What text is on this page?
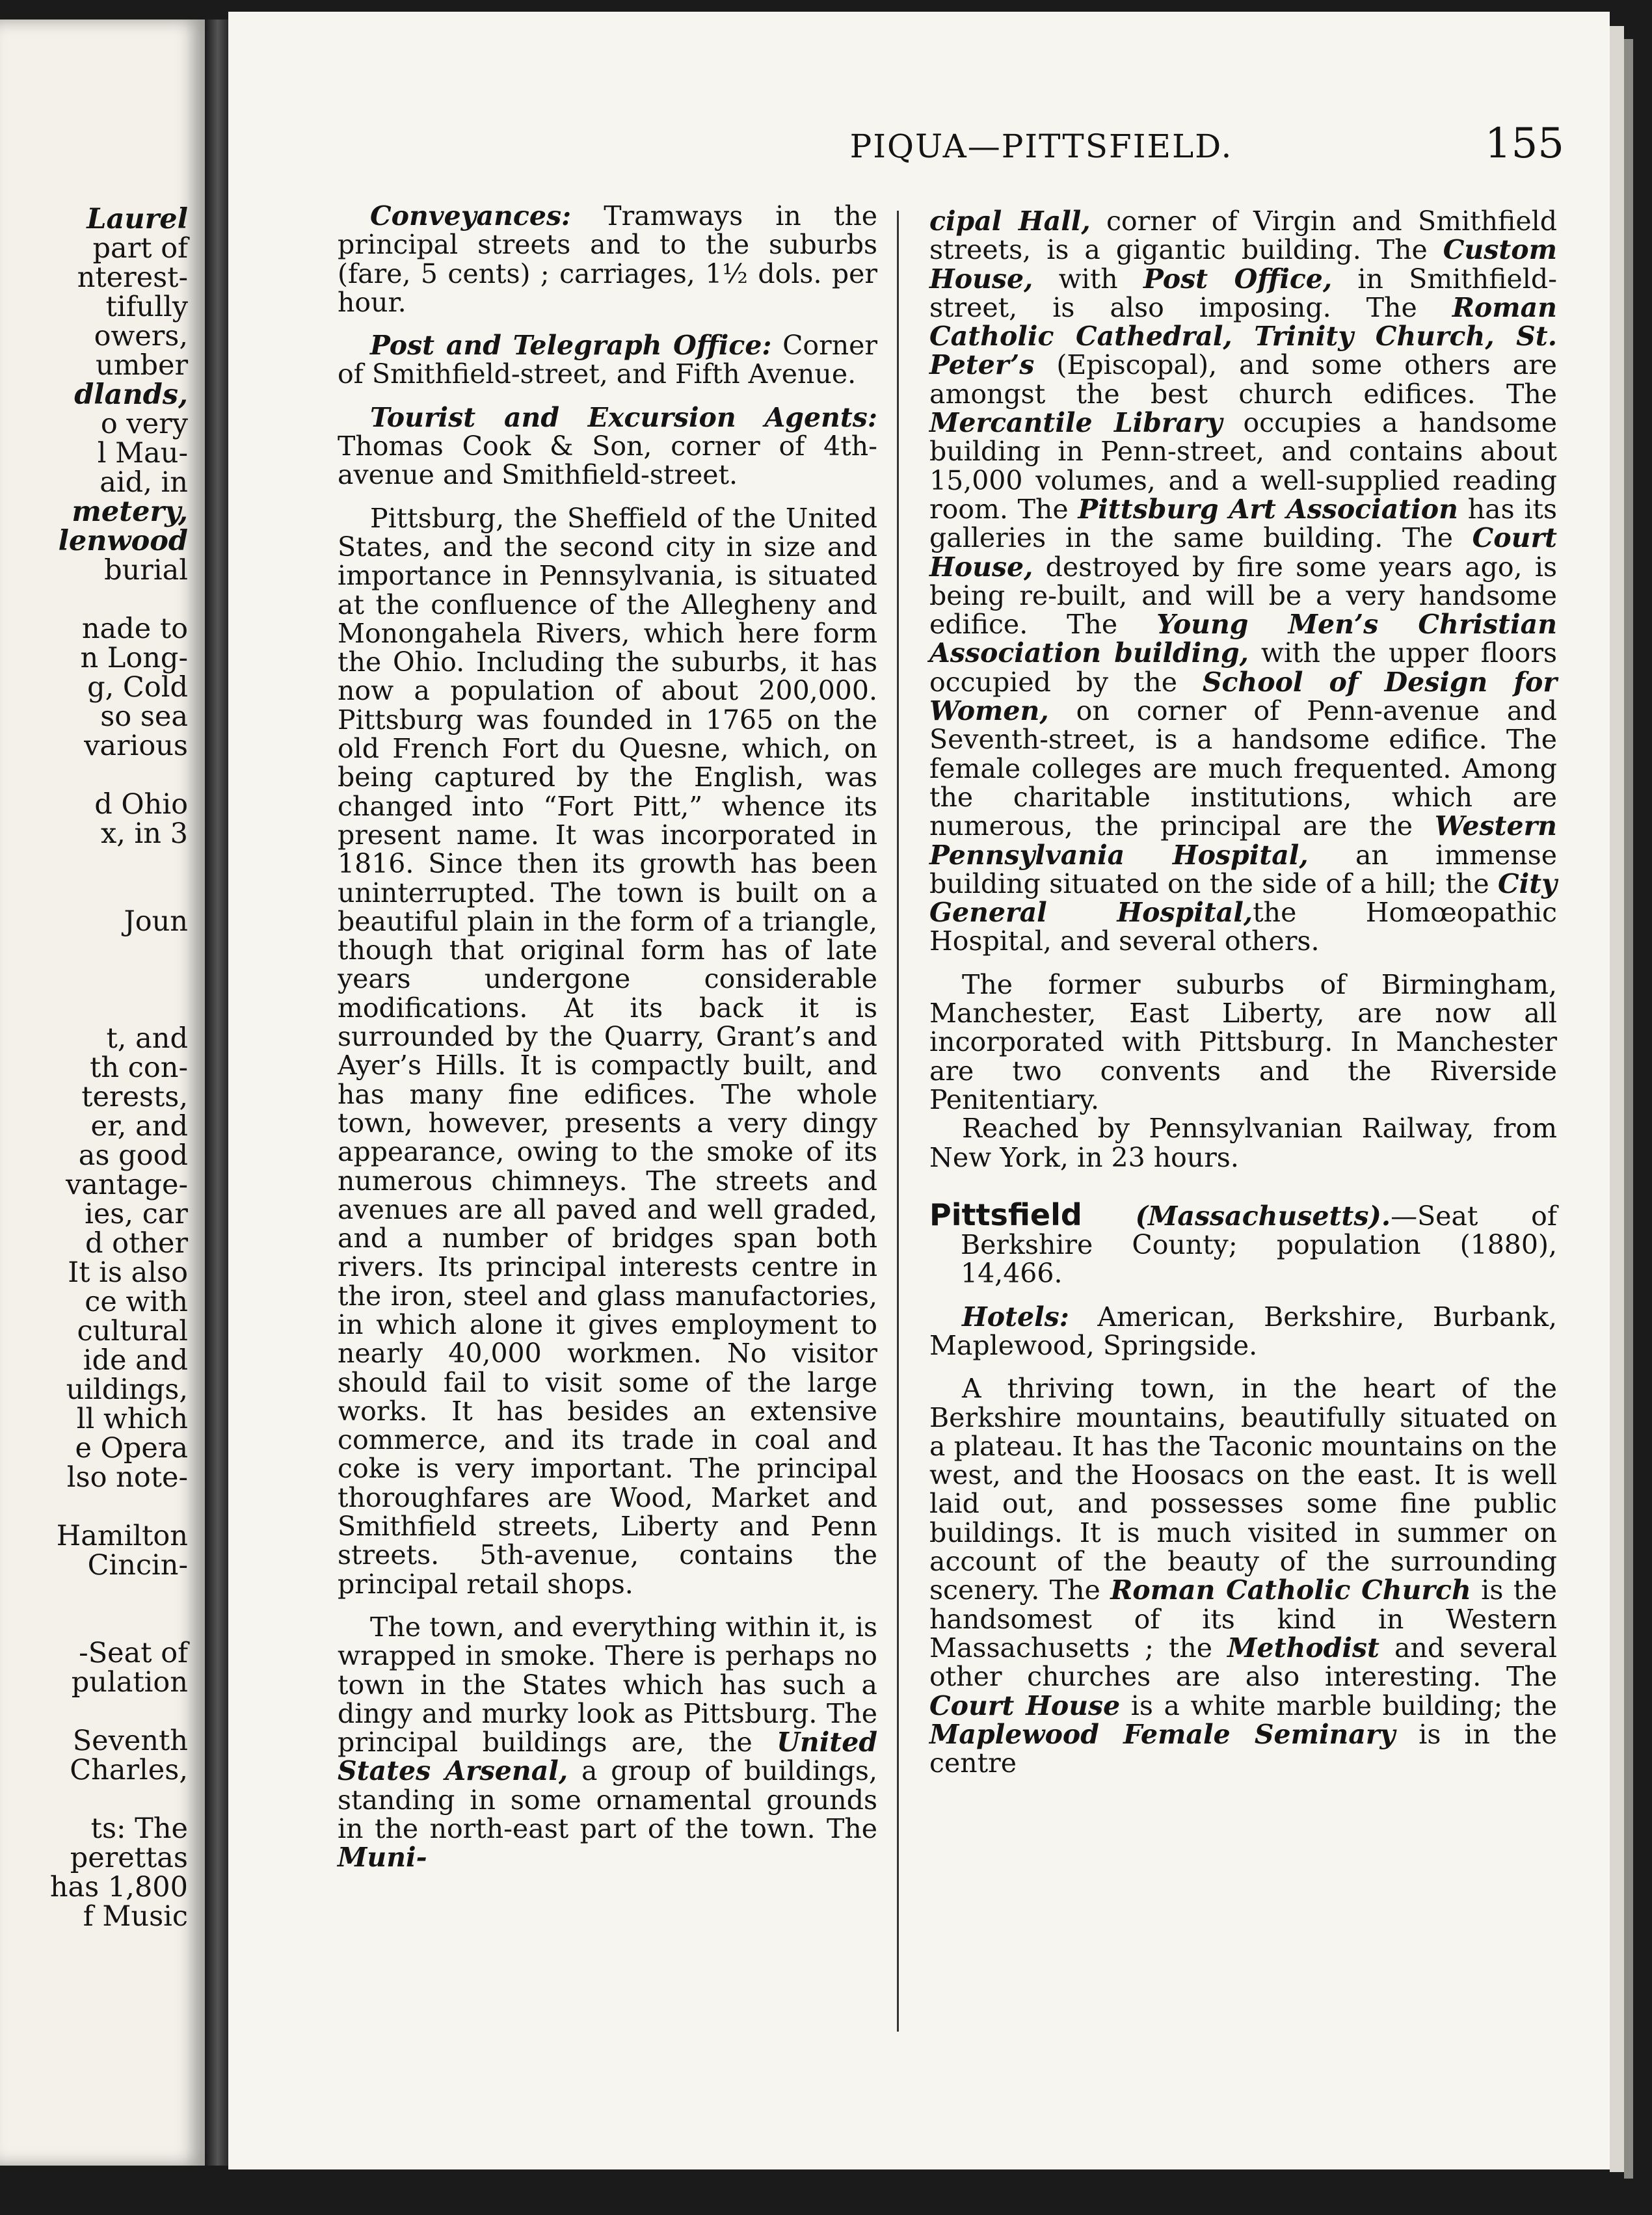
Laurel

part of

nterest-

tifully

owers,

umber

dlands,

o very

l Mau-

aid, in

metery,

lenwood

burial

nade to

n Long-

g, Cold

so sea

various

d Ohio

x, in 3

Joun

t, and

th con-

terests,

er, and

as good

vantage-

ies, car

d other

It is also

ce with

cultural

ide and

uildings,

ll which

e Opera

lso note-

Hamilton

Cincin-

-Seat of

pulation

Seventh

Charles,

ts: The

perettas

has 1,800

f Music

PIQUA—PITTSFIELD.	155

Conveyances: Tramways in the principal streets and to the suburbs (fare, 5 cents) ; carriages, 1½ dols. per hour.

Post and Telegraph Office: Corner of Smithfield-street, and Fifth Avenue.

Tourist and Excursion Agents: Thomas Cook & Son, corner of 4th-avenue and Smithfield-street.

Pittsburg, the Sheffield of the United States, and the second city in size and importance in Pennsylvania, is situated at the confluence of the Allegheny and Monongahela Rivers, which here form the Ohio. Including the suburbs, it has now a population of about 200,000. Pittsburg was founded in 1765 on the old French Fort du Quesne, which, on being captured by the English, was changed into “Fort Pitt,” whence its present name. It was incorporated in 1816. Since then its growth has been uninterrupted. The town is built on a beautiful plain in the form of a triangle, though that original form has of late years undergone considerable modifications. At its back it is surrounded by the Quarry, Grant’s and Ayer’s Hills. It is compactly built, and has many fine edifices. The whole town, however, presents a very dingy appearance, owing to the smoke of its numerous chimneys. The streets and avenues are all paved and well graded, and a number of bridges span both rivers. Its principal interests centre in the iron, steel and glass manufactories, in which alone it gives employment to nearly 40,000 workmen. No visitor should fail to visit some of the large works. It has besides an extensive commerce, and its trade in coal and coke is very important. The principal thoroughfares are Wood, Market and Smithfield streets, Liberty and Penn streets. 5th-avenue, contains the principal retail shops.

The town, and everything within it, is wrapped in smoke. There is perhaps no town in the States which has such a dingy and murky look as Pittsburg. The principal buildings are, the United States Arsenal, a group of buildings, standing in some ornamental grounds in the north-east part of the town. The Muni-

cipal Hall, corner of Virgin and Smithfield streets, is a gigantic building. The Custom House, with Post Office, in Smithfield-street, is also imposing. The Roman Catholic Cathedral, Trinity Church, St. Peter’s (Episcopal), and some others are amongst the best church edifices. The Mercantile Library occupies a handsome building in Penn-street, and contains about 15,000 volumes, and a well-supplied reading room. The Pittsburg Art Association has its galleries in the same building. The Court House, destroyed by fire some years ago, is being re-built, and will be a very handsome edifice. The Young Men’s Christian Association building, with the upper floors occupied by the School of Design for Women, on corner of Penn-avenue and Seventh-street, is a handsome edifice. The female colleges are much frequented. Among the charitable institutions, which are numerous, the principal are the Western Pennsylvania Hospital, an immense building situated on the side of a hill; the City General Hospital,the Homœopathic Hospital, and several others.

The former suburbs of Birmingham, Manchester, East Liberty, are now all incorporated with Pittsburg. In Manchester are two convents and the Riverside Penitentiary.

Reached by Pennsylvanian Railway, from New York, in 23 hours.

Pittsfield (Massachusetts).—Seat of Berkshire County; population (1880), 14,466.

Hotels: American, Berkshire, Burbank, Maplewood, Springside.

A thriving town, in the heart of the Berkshire mountains, beautifully situated on a plateau. It has the Taconic mountains on the west, and the Hoosacs on the east. It is well laid out, and possesses some fine public buildings. It is much visited in summer on account of the beauty of the surrounding scenery. The Roman Catholic Church is the handsomest of its kind in Western Massachusetts ; the Methodist and several other churches are also interesting. The Court House is a white marble building; the Maplewood Female Seminary is in the centre
